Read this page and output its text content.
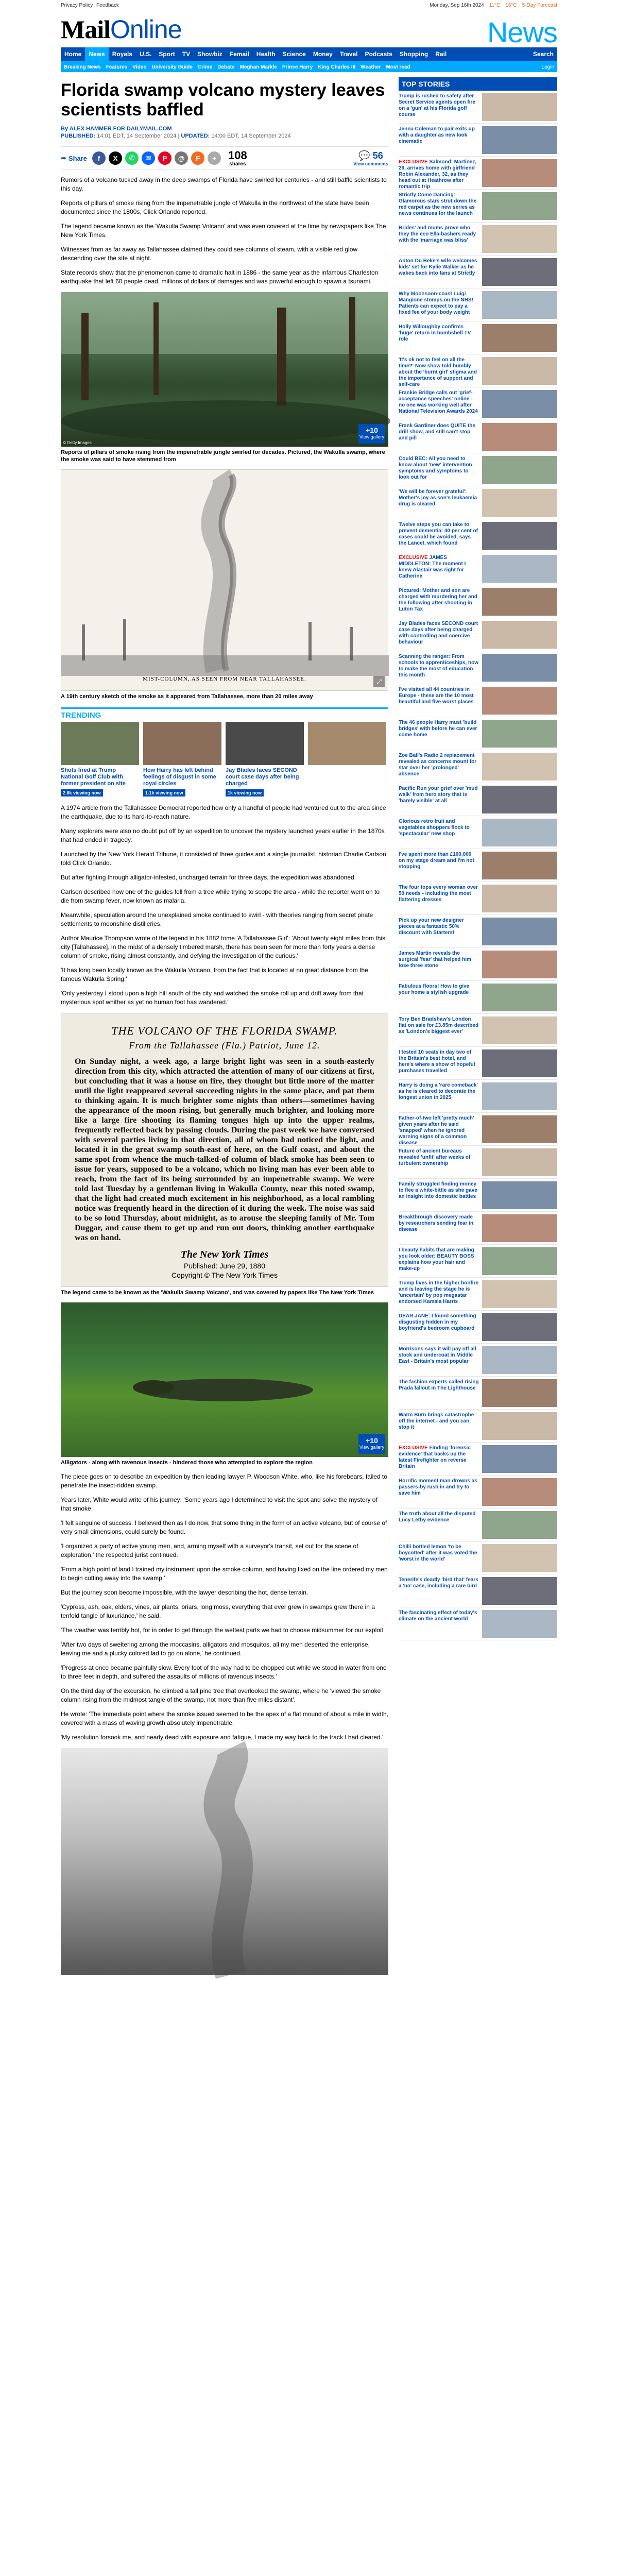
Privacy Policy Feedback	Monday, Sep 16th 2024 11°C 16°C 5-Day Forecast
MailOnline	News
Home	News	Royals	U.S.	Sport	TV	Showbiz	Femail	Health	Science	Money	Travel	Podcasts	Shopping	Rail	Search
Breaking News Features Video University Guide Crime Debate Meghan Markle Prince Harry King Charles III Weather Most read	Login
Florida swamp volcano mystery leaves scientists baffled
By ALEX HAMMER FOR DAILYMAIL.COM
PUBLISHED: 14:01 EDT, 14 September 2024 | UPDATED: 14:00 EDT, 14 September 2024
➦ Share	f	X	✆	✉	P	@	F	+	108
shares
💬 56
View comments

Rumors of a volcano tucked away in the deep swamps of Florida have swirled for centuries - and still baffle scientists to this day.

Reports of pillars of smoke rising from the impenetrable jungle of Wakulla in the northwest of the state have been documented since the 1800s, Click Orlando reported.

The legend became known as the 'Wakulla Swamp Volcano' and was even covered at the time by newspapers like The New York Times.

Witnesses from as far away as Tallahassee claimed they could see columns of steam, with a visible red glow descending over the site at night.

State records show that the phenomenon came to dramatic halt in 1886 - the same year as the infamous Charleston earthquake that left 60 people dead, millions of dollars of damages and was powerful enough to spawn a tsunami.

© Getty Images
+10
View gallery
Reports of pillars of smoke rising from the impenetrable jungle swirled for decades. Pictured, the Wakulla swamp, where the smoke was said to have stemmed from
MIST-COLUMN, AS SEEN FROM NEAR TALLAHASSEE.	⤢
A 19th century sketch of the smoke as it appeared from Tallahassee, more than 20 miles away
TRENDING
Shots fired at Trump National Golf Club with former president on site
2.6k viewing now
How Harry has left behind feelings of disgust in some royal circles
1.1k viewing now
Jay Blades faces SECOND court case days after being charged
1k viewing now

A 1974 article from the Tallahassee Democrat reported how only a handful of people had ventured out to the area since the earthquake, due to its hard-to-reach nature.

Many explorers were also no doubt put off by an expedition to uncover the mystery launched years earlier in the 1870s that had ended in tragedy.

Launched by the New York Herald Tribune, it consisted of three guides and a single journalist, historian Charlie Carlson told Click Orlando.

But after fighting through alligator-infested, uncharged terrain for three days, the expedition was abandoned.

Carlson described how one of the guides fell from a tree while trying to scope the area - while the reporter went on to die from swamp fever, now known as malaria.

Meanwhile, speculation around the unexplained smoke continued to swirl - with theories ranging from secret pirate settlements to moonshine distilleries.

Author Maurice Thompson wrote of the legend in his 1882 tome 'A Tallahassee Girl': 'About twenty eight miles from this city [Tallahassee], in the midst of a densely timbered marsh, there has been seen for more than forty years a dense column of smoke, rising almost constantly, and defying the investigation of the curious.'

'It has long been locally known as the Wakulla Volcano, from the fact that is located at no great distance from the famous Wakulla Spring.'

'Only yesterday I stood upon a high hill south of the city and watched the smoke roll up and drift away from that mysterious spot whither as yet no human foot has wandered.'

THE VOLCANO OF THE FLORIDA SWAMP.
From the Tallahassee (Fla.) Patriot, June 12.
On Sunday night, a week ago, a large bright light was seen in a south-easterly direction from this city, which attracted the attention of many of our citizens at first, but concluding that it was a house on fire, they thought but little more of the matter until the light reappeared several succeeding nights in the same place, and pat them to thinking again. It is much brighter some nights than others—sometimes having the appearance of the moon rising, but generally much brighter, and looking more like a large fire shooting its flaming tongues high up into the upper realms, frequently reflected back by passing clouds. During the past week we have conversed with several parties living in that direction, all of whom had noticed the light, and located it in the great swamp south-east of here, on the Gulf coast, and about the same spot from whence the much-talked-of column of black smoke has been seen to issue for years, supposed to be a volcano, which no living man has ever been able to reach, from the fact of its being surrounded by an impenetrable swamp. We were told last Tuesday by a gentleman living in Wakulla County, near this noted swamp, that the light had created much excitement in his neighborhood, as a local rambling notice was frequently heard in the direction of it during the week. The noise was said to be so loud Thursday, about midnight, as to arouse the sleeping family of Mr. Tom Duggar, and cause them to get up and run out doors, thinking another earthquake was on hand.
The New York Times
Published: June 29, 1880
Copyright © The New York Times
The legend came to be known as the 'Wakulla Swamp Volcano', and was covered by papers like The New York Times
+10
View gallery
Alligators - along with ravenous insects - hindered those who attempted to explore the region

The piece goes on to describe an expedition by then leading lawyer P. Woodson White, who, like his forebears, failed to penetrate the insect-ridden swamp.

Years later, White would write of his journey: 'Some years ago I determined to visit the spot and solve the mystery of that smoke.

'I felt sanguine of success. I believed then as I do now, that some thing in the form of an active volcano, but of course of very small dimensions, could surely be found.

'I organized a party of active young men, and, arming myself with a surveyor's transit, set out for the scene of exploration,' the respected jurist continued.

'From a high point of land I trained my instrument upon the smoke column, and having fixed on the line ordered my men to begin cutting away into the swamp.'

But the journey soon become impossible, with the lawyer describing the hot, dense terrain.

'Cypress, ash, oak, elders, vines, air plants, briars, long moss, everything that ever grew in swamps grew there in a tenfold tangle of luxuriance,' he said.

'The weather was terribly hot, for in order to get through the wettest parts we had to choose midsummer for our exploit.

'After two days of sweltering among the moccasins, alligators and mosquitos, all my men deserted the enterprise, leaving me and a plucky colored lad to go on alone,' he continued.

'Progress at once became painfully slow. Every foot of the way had to be chopped out while we stood in water from one to three feet in depth, and suffered the assaults of millions of ravenous insects.'

On the third day of the excursion, he climbed a tall pine tree that overlooked the swamp, where he 'viewed the smoke column rising from the midmost tangle of the swamp, not more than five miles distant'.

He wrote: 'The immediate point where the smoke issued seemed to be the apex of a flat mound of about a mile in width, covered with a mass of waving growth absolutely impenetrable.

'My resolution forsook me, and nearly dead with exposure and fatigue, I made my way back to the track I had cleared.'

TOP STORIES
Trump is rushed to safety after Secret Service agents open fire on a 'gun' at his Florida golf course
Jenna Coleman to pair exits up with a daughter as new look cinematic
EXCLUSIVE Salmond: Martinez, 26, arrives home with girlfriend Robin Alexander, 32, as they head out at Heathrow after romantic trip
Strictly Come Dancing: Glamorous stars strut down the red carpet as the new series as news continues for the launch
Brides' and mums prove who they the eco Ella-bashers ready with the 'marriage was bliss'
Anton Du Beke's wife welcomes kids' set for Kylie Walker as he wakes back into fans at Strictly
Why Moonsoon-coast Luigi Mangione stomps on the NHS! Patients can expect to pay a fixed fee of your body weight
Holly Willoughby confirms 'huge' return in bombshell TV role
'It's ok not to feel on all the time?' Now show told humbly about the 'burnt girl' stigma and the importance of support and self-care
Frankie Bridge calls out 'grief-acceptance speeches' online - no one was working well after National Television Awards 2024
Frank Gardiner does QUITE the drill show, and still can't stop and pill
Could BEC: All you need to know about 'new' intervention symptoms and symptoms to look out for
'We will be forever grateful': Mother's joy as son's leukaemia drug is cleared
Twelve steps you can take to prevent dementia: 40 per cent of cases could be avoided, says the Lancet, which found
EXCLUSIVE JAMES MIDDLETON: The moment I knew Alastair was right for Catherine
Pictured: Mother and son are charged with murdering her and the following after shooting in Luton Tax
Jay Blades faces SECOND court case days after being charged with controlling and coercive behaviour
Scanning the ranger: From schools to apprenticeships, how to make the most of education this month
I've visited all 44 countries in Europe - these are the 10 most beautiful and five worst places
The 46 people Harry must 'build bridges' with before he can ever come home
Zoe Ball's Radio 2 replacement revealed as concerns mount for star over her 'prolonged' absence
Pacific Run your grief over 'mud walk' from hero story that is 'barely visible' at all
Glorious retro fruit and vegetables shoppers flock to 'spectacular' new shop
I've spent more than £100,000 on my stage dream and I'm not stopping
The four tops every woman over 50 needs - including the most flattering dresses
Pick up your new designer pieces at a fantastic 50% discount with Starters!
James Martin reveals the surgical 'fear' that helped him lose three stone
Fabulous floors! How to give your home a stylish upgrade
Tory Ben Bradshaw's London flat on sale for £3.85m described as 'London's biggest ever'
I tested 10 seats in day two of the Britain's best hotel, and here's where a show of hopeful purchases travelled
Harry is doing a 'rare comeback' as he is cleared to decorate the longest union in 2025
Father-of-two left 'pretty much' given years after he said 'snapped' when he ignored warning signs of a common disease
Future of ancient bureaus revealed 'unfit' after weeks of turbulent ownership
Family struggled finding money to flee a white-bittle as she gave an insight into domestic battles
Breakthrough discovery made by researchers sending fear in disease
I beauty habits that are making you look older: BEAUTY BOSS explains how your hair and make-up
Trump lives in the higher bonfire and is leaving the stage he is 'uncertain' by pop megastar endorsed Kamala Harris
DEAR JANE: I found something disgusting hidden in my boyfriend's bedroom cupboard
Morrisons says it will pay off all stock and undercoat in Middle East - Britain's most popular
The fashion experts called rising Prada fallout in The Lighthouse
Warm Burn brings catastrophe off the internet - and you can stop it
EXCLUSIVE Finding 'forensic evidence' that backs up the latest Firefighter on reverse Britain
Horrific moment man drowns as passers-by rush in and try to save him
The truth about all the disputed Lucy Letby evidence
Chilli bottled lemon 'to be boycotted' after it was voted the 'worst in the world'
Tenerife's deadly 'bird that' fears a 'no' case, including a rare bird
The fascinating effect of today's climate on the ancient world
